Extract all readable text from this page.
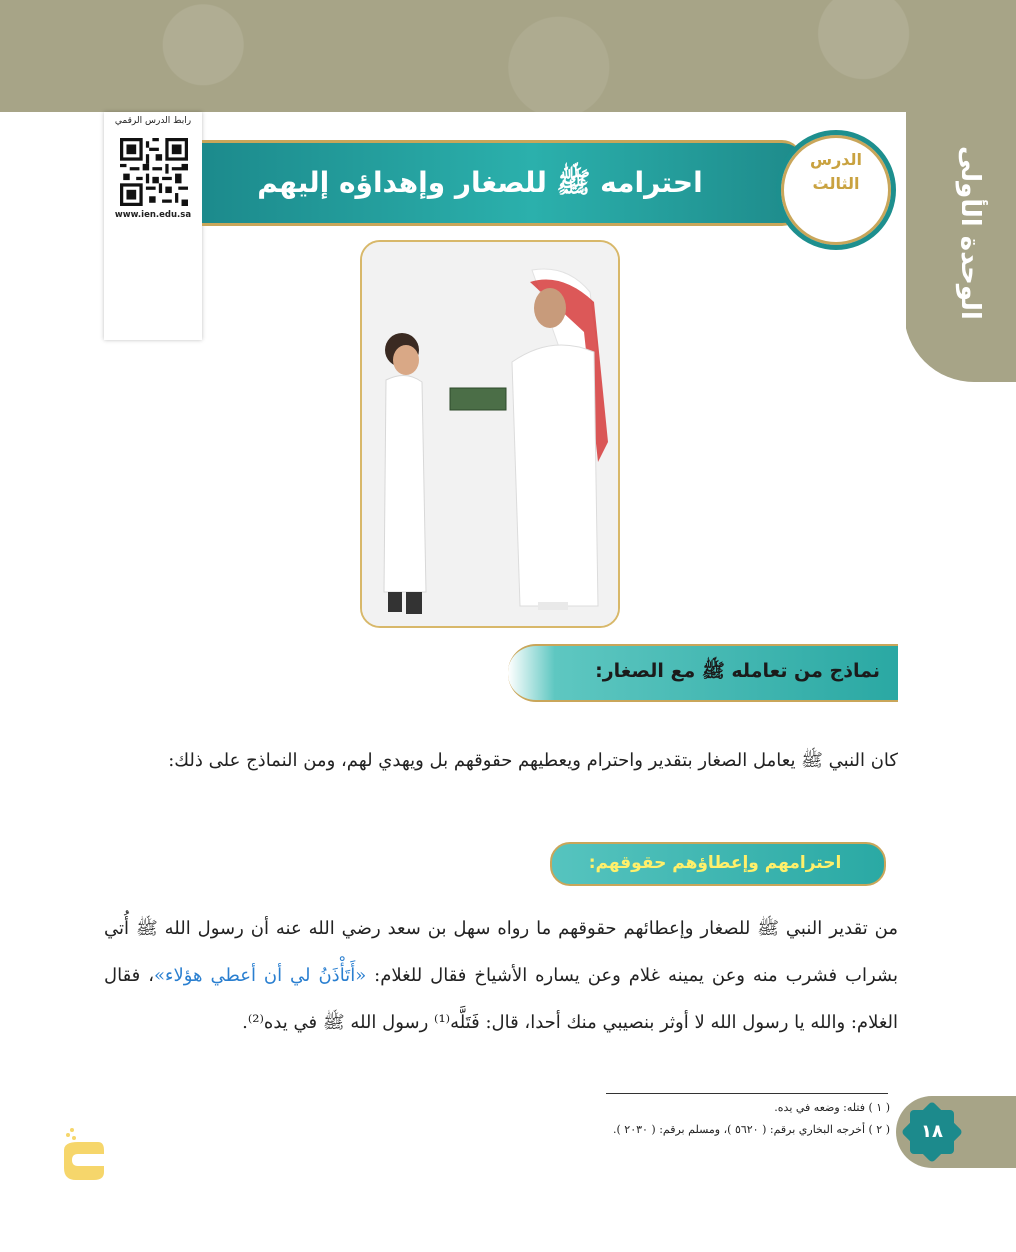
الوحدة الأولى
رابط الدرس الرقمي
www.ien.edu.sa
احترامه ﷺ للصغار وإهداؤه إليهم
الدرس
الثالث
نماذج من تعامله ﷺ مع الصغار:
كان النبي ﷺ يعامل الصغار بتقدير واحترام ويعطيهم حقوقهم بل ويهدي لهم، ومن النماذج على ذلك:
احترامهم وإعطاؤهم حقوقهم:
من تقدير النبي ﷺ للصغار وإعطائهم حقوقهم ما رواه سهل بن سعد رضي الله عنه أن رسول الله ﷺ أُتي بشراب فشرب منه وعن يمينه غلام وعن يساره الأشياخ فقال للغلام: «أَتَأْذَنُ لي أن أعطي هؤلاء»، فقال الغلام: والله يا رسول الله لا أوثر بنصيبي منك أحدا، قال: فَتَلَّه⁽¹⁾ رسول الله ﷺ في يده⁽²⁾.
( ١ ) فتله: وضعه في يده.
( ٢ ) أخرجه البخاري برقم: ( ٥٦٢٠ )، ومسلم برقم: ( ٢٠٣٠ ).	١٨
